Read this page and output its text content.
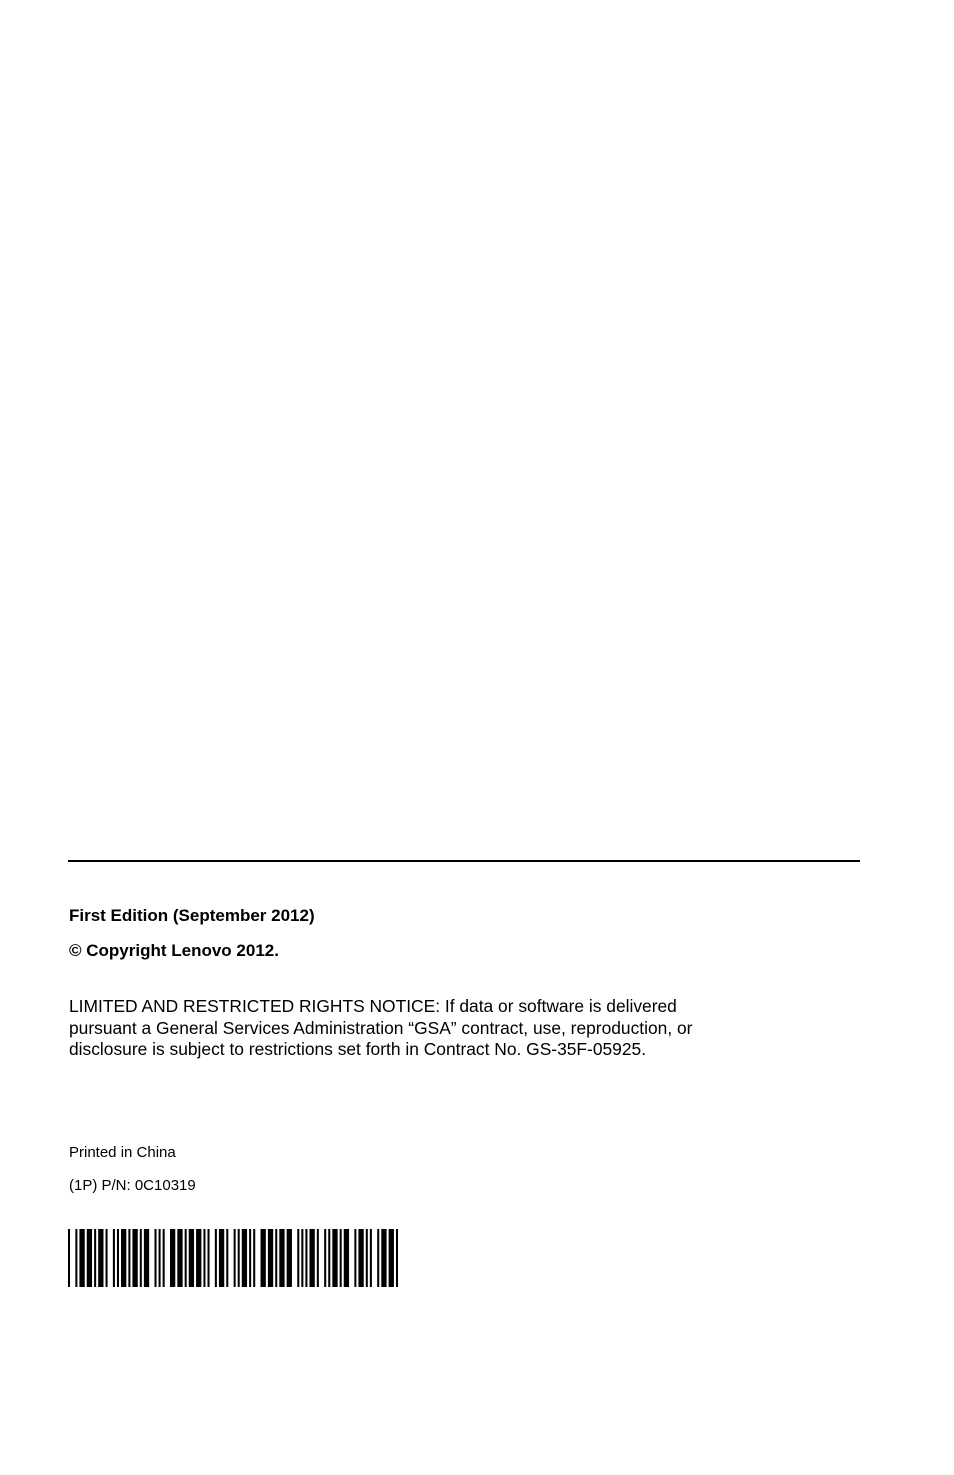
First Edition (September 2012)
© Copyright Lenovo 2012.
LIMITED AND RESTRICTED RIGHTS NOTICE: If data or software is delivered
pursuant a General Services Administration “GSA” contract, use, reproduction, or
disclosure is subject to restrictions set forth in Contract No. GS-35F-05925.
Printed in China
(1P) P/N: 0C10319
